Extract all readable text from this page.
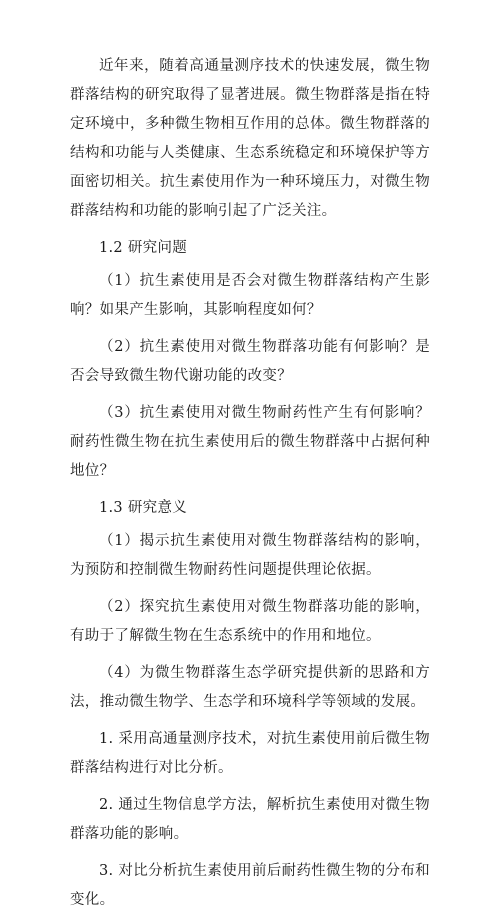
近年来，随着高通量测序技术的快速发展，微生物群落结构的研究取得了显著进展。微生物群落是指在特定环境中，多种微生物相互作用的总体。微生物群落的结构和功能与人类健康、生态系统稳定和环境保护等方面密切相关。抗生素使用作为一种环境压力，对微生物群落结构和功能的影响引起了广泛关注。

1.2 研究问题

（1）抗生素使用是否会对微生物群落结构产生影响？如果产生影响，其影响程度如何？

（2）抗生素使用对微生物群落功能有何影响？是否会导致微生物代谢功能的改变？

（3）抗生素使用对微生物耐药性产生有何影响？耐药性微生物在抗生素使用后的微生物群落中占据何种地位？

1.3 研究意义

（1）揭示抗生素使用对微生物群落结构的影响，为预防和控制微生物耐药性问题提供理论依据。

（2）探究抗生素使用对微生物群落功能的影响，有助于了解微生物在生态系统中的作用和地位。

（4）为微生物群落生态学研究提供新的思路和方法，推动微生物学、生态学和环境科学等领域的发展。

1. 采用高通量测序技术，对抗生素使用前后微生物群落结构进行对比分析。

2. 通过生物信息学方法，解析抗生素使用对微生物群落功能的影响。

3. 对比分析抗生素使用前后耐药性微生物的分布和变化。
